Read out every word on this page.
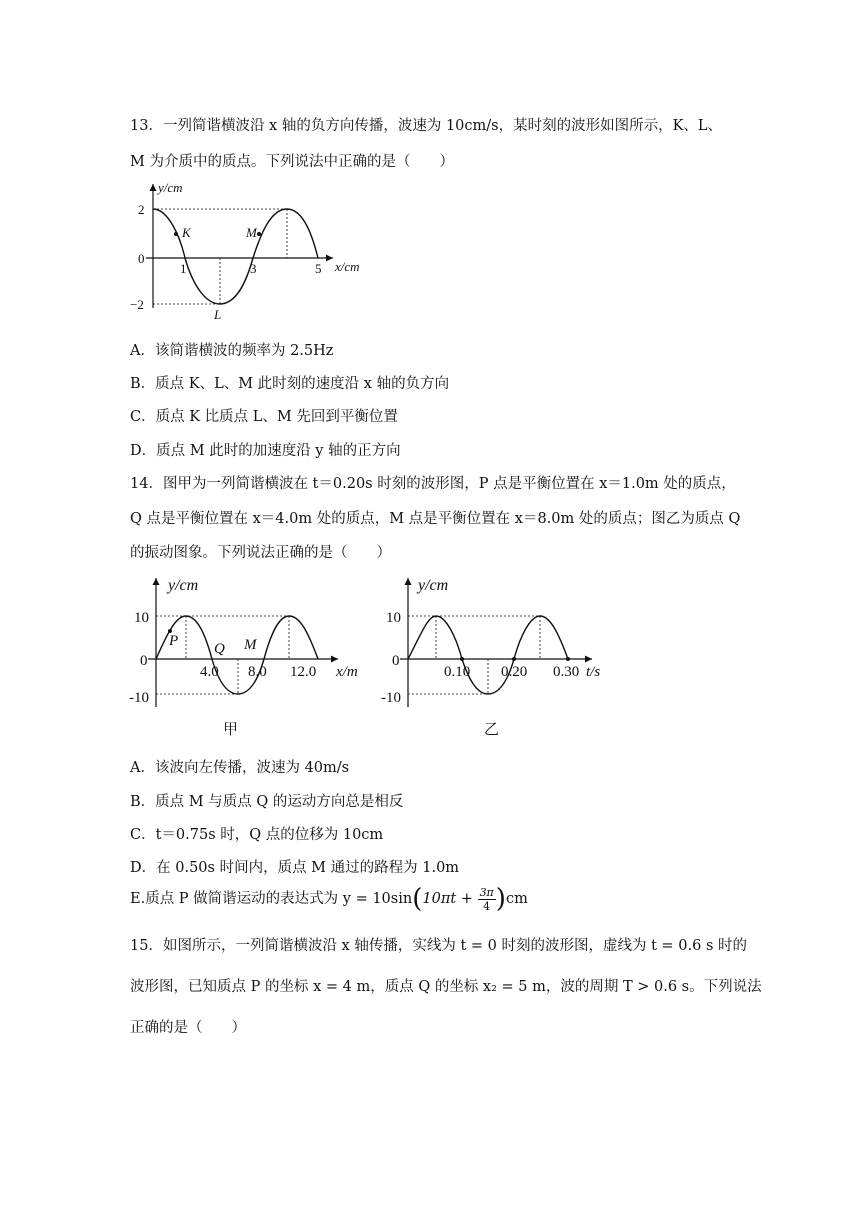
13．一列简谐横波沿 x 轴的负方向传播，波速为 10cm/s，某时刻的波形如图所示，K、L、
M 为介质中的质点。下列说法中正确的是（　　）
y/cm
x/cm
2
0
−2
1	3	5
K	M
L
A．该简谐横波的频率为 2.5Hz
B．质点 K、L、M 此时刻的速度沿 x 轴的负方向
C．质点 K 比质点 L、M 先回到平衡位置
D．质点 M 此时的加速度沿 y 轴的正方向
14．图甲为一列简谐横波在 t＝0.20s 时刻的波形图，P 点是平衡位置在 x＝1.0m 处的质点，
Q 点是平衡位置在 x＝4.0m 处的质点，M 点是平衡位置在 x＝8.0m 处的质点；图乙为质点 Q
的振动图象。下列说法正确的是（　　）
y/cm
x/m
10
0
-10
4.0 8.0 12.0
P Q M
甲
y/cm
t/s
10
0
-10
0.10 0.20 0.30
乙
A．该波向左传播，波速为 40m/s
B．质点 M 与质点 Q 的运动方向总是相反
C．t＝0.75s 时，Q 点的位移为 10cm
D．在 0.50s 时间内，质点 M 通过的路程为 1.0m
E.质点 P 做简谐运动的表达式为 $y = 10\sin(10\pi t + \frac{3\pi}{4} )cm$
15．如图所示，一列简谐横波沿 x 轴传播，实线为 t = 0 时刻的波形图，虚线为 t = 0.6 s 时的
波形图，已知质点 P 的坐标 x = 4 m，质点 Q 的坐标 x₂ = 5 m，波的周期 T > 0.6 s。下列说法
正确的是（　　）
